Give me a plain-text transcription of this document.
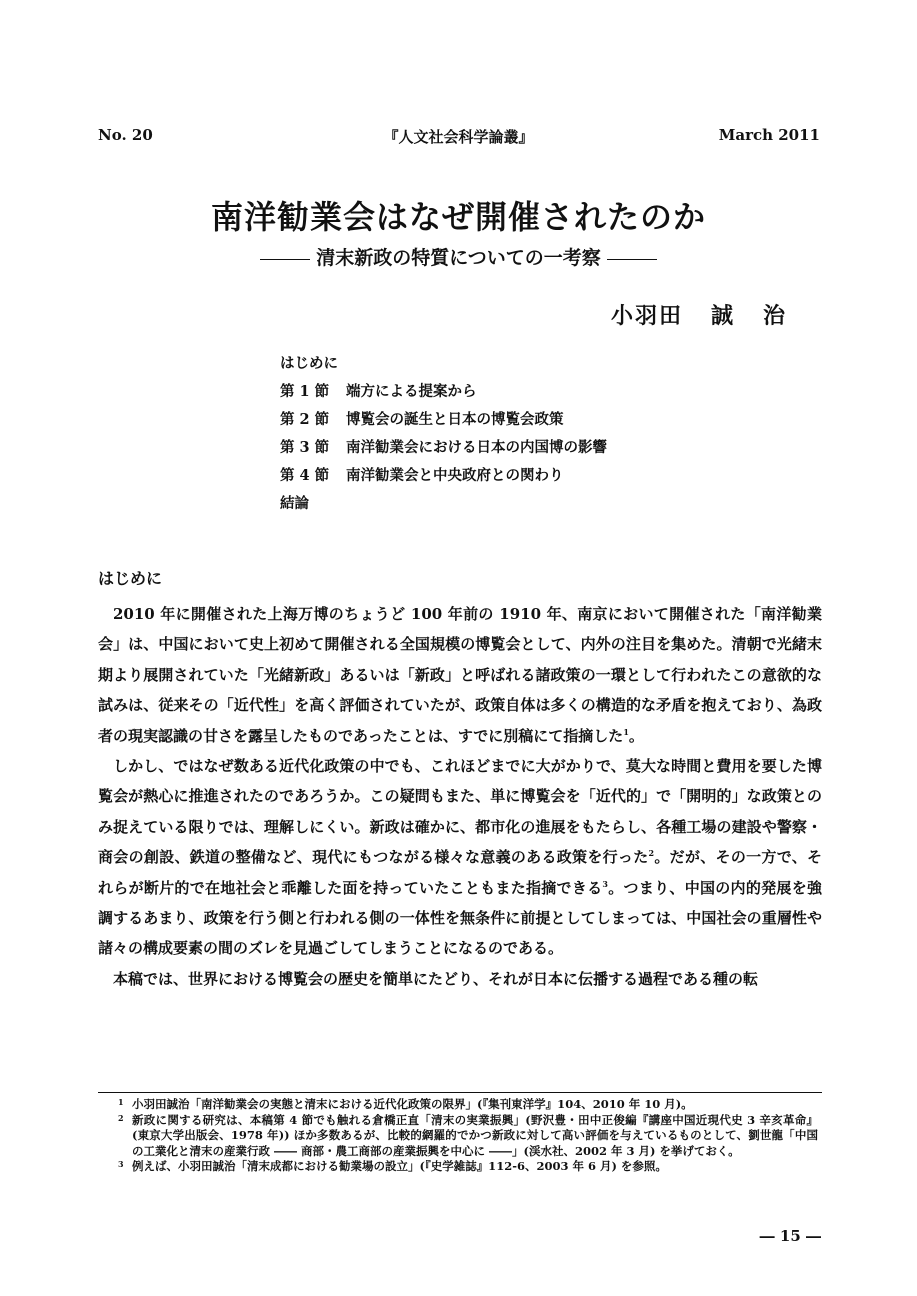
No. 20	『人文社会科学論叢』	March 2011
南洋勧業会はなぜ開催されたのか
清末新政の特質についての一考察
小羽田 誠 治
はじめに
第 1 節 端方による提案から
第 2 節 博覧会の誕生と日本の博覧会政策
第 3 節 南洋勧業会における日本の内国博の影響
第 4 節 南洋勧業会と中央政府との関わり
結論
はじめに

2010 年に開催された上海万博のちょうど 100 年前の 1910 年、南京において開催された「南洋勧業会」は、中国において史上初めて開催される全国規模の博覧会として、内外の注目を集めた。清朝で光緒末期より展開されていた「光緒新政」あるいは「新政」と呼ばれる諸政策の一環として行われたこの意欲的な試みは、従来その「近代性」を高く評価されていたが、政策自体は多くの構造的な矛盾を抱えており、為政者の現実認識の甘さを露呈したものであったことは、すでに別稿にて指摘した$^1$。

しかし、ではなぜ数ある近代化政策の中でも、これほどまでに大がかりで、莫大な時間と費用を要した博覧会が熱心に推進されたのであろうか。この疑問もまた、単に博覧会を「近代的」で「開明的」な政策とのみ捉えている限りでは、理解しにくい。新政は確かに、都市化の進展をもたらし、各種工場の建設や警察・商会の創設、鉄道の整備など、現代にもつながる様々な意義のある政策を行った$^2$。だが、その一方で、それらが断片的で在地社会と乖離した面を持っていたこともまた指摘できる$^3$。つまり、中国の内的発展を強調するあまり、政策を行う側と行われる側の一体性を無条件に前提としてしまっては、中国社会の重層性や諸々の構成要素の間のズレを見過ごしてしまうことになるのである。

本稿では、世界における博覧会の歴史を簡単にたどり、それが日本に伝播する過程である種の転

1 小羽田誠治「南洋勧業会の実態と清末における近代化政策の限界」(『集刊東洋学』104、2010 年 10 月)。
2 新政に関する研究は、本稿第 4 節でも触れる倉橋正直「清末の実業振興」(野沢豊・田中正俊編『講座中国近現代史 3 辛亥革命』(東京大学出版会、1978 年)) ほか多数あるが、比較的網羅的でかつ新政に対して高い評価を与えているものとして、劉世龍「中国の工業化と清末の産業行政 ―― 商部・農工商部の産業振興を中心に ――」(渓水社、2002 年 3 月) を挙げておく。
3 例えば、小羽田誠治「清末成都における勧業場の設立」(『史学雑誌』112-6、2003 年 6 月) を参照。
― 15 ―
